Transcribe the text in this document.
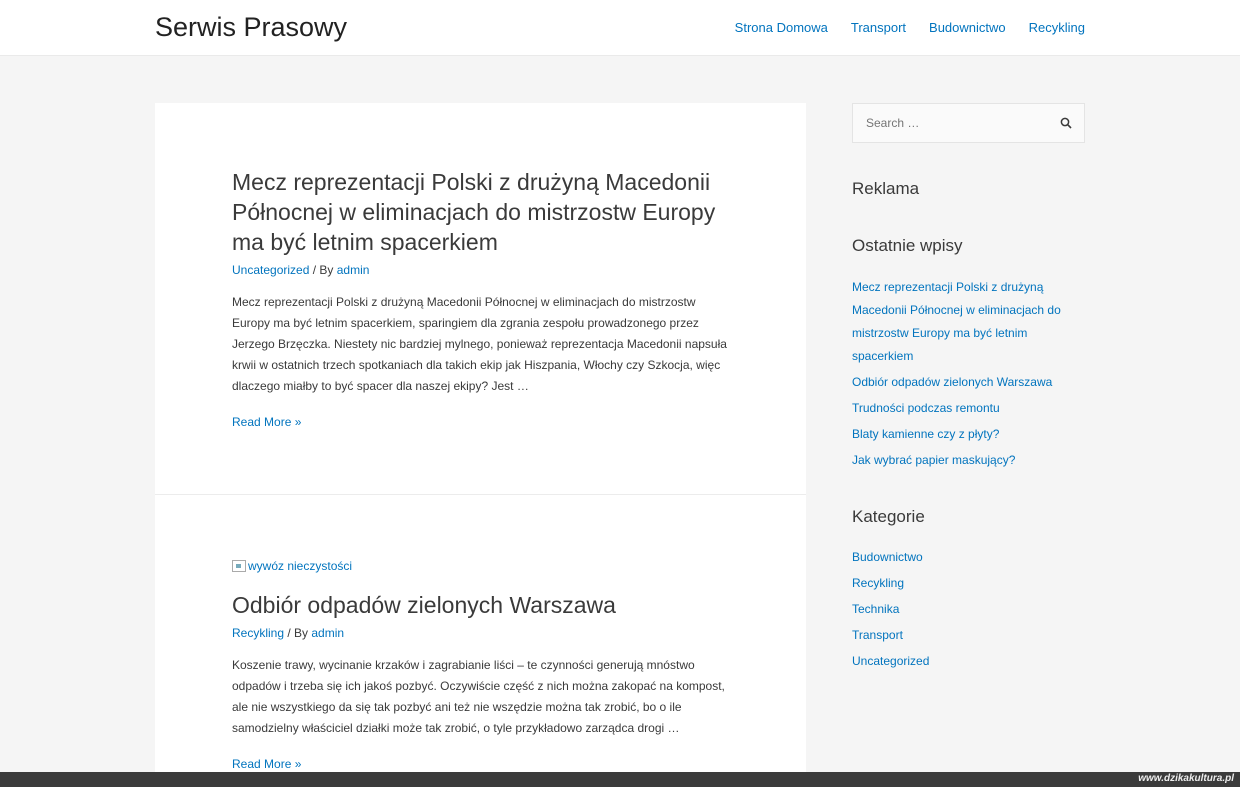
Serwis Prasowy	Strona Domowa Transport Budownictwo Recykling
Mecz reprezentacji Polski z drużyną Macedonii Północnej w eliminacjach do mistrzostw Europy ma być letnim spacerkiem
Uncategorized / By admin

Mecz reprezentacji Polski z drużyną Macedonii Północnej w eliminacjach do mistrzostw Europy ma być letnim spacerkiem, sparingiem dla zgrania zespołu prowadzonego przez Jerzego Brzęczka. Niestety nic bardziej mylnego, ponieważ reprezentacja Macedonii napsuła krwii w ostatnich trzech spotkaniach dla takich ekip jak Hiszpania, Włochy czy Szkocja, więc dlaczego miałby to być spacer dla naszej ekipy? Jest …

Read More »
wywóz nieczystości
Odbiór odpadów zielonych Warszawa
Recykling / By admin

Koszenie trawy, wycinanie krzaków i zagrabianie liści – te czynności generują mnóstwo odpadów i trzeba się ich jakoś pozbyć. Oczywiście część z nich można zakopać na kompost, ale nie wszystkiego da się tak pozbyć ani też nie wszędzie można tak zrobić, bo o ile samodzielny właściciel działki może tak zrobić, o tyle przykładowo zarządca drogi …

Read More »
Search …
Reklama
Ostatnie wpisy
Mecz reprezentacji Polski z drużyną Macedonii Północnej w eliminacjach do mistrzostw Europy ma być letnim spacerkiem
Odbiór odpadów zielonych Warszawa
Trudności podczas remontu
Blaty kamienne czy z płyty?
Jak wybrać papier maskujący?
Kategorie
Budownictwo
Recykling
Technika
Transport
Uncategorized
www.dzikakultura.pl
